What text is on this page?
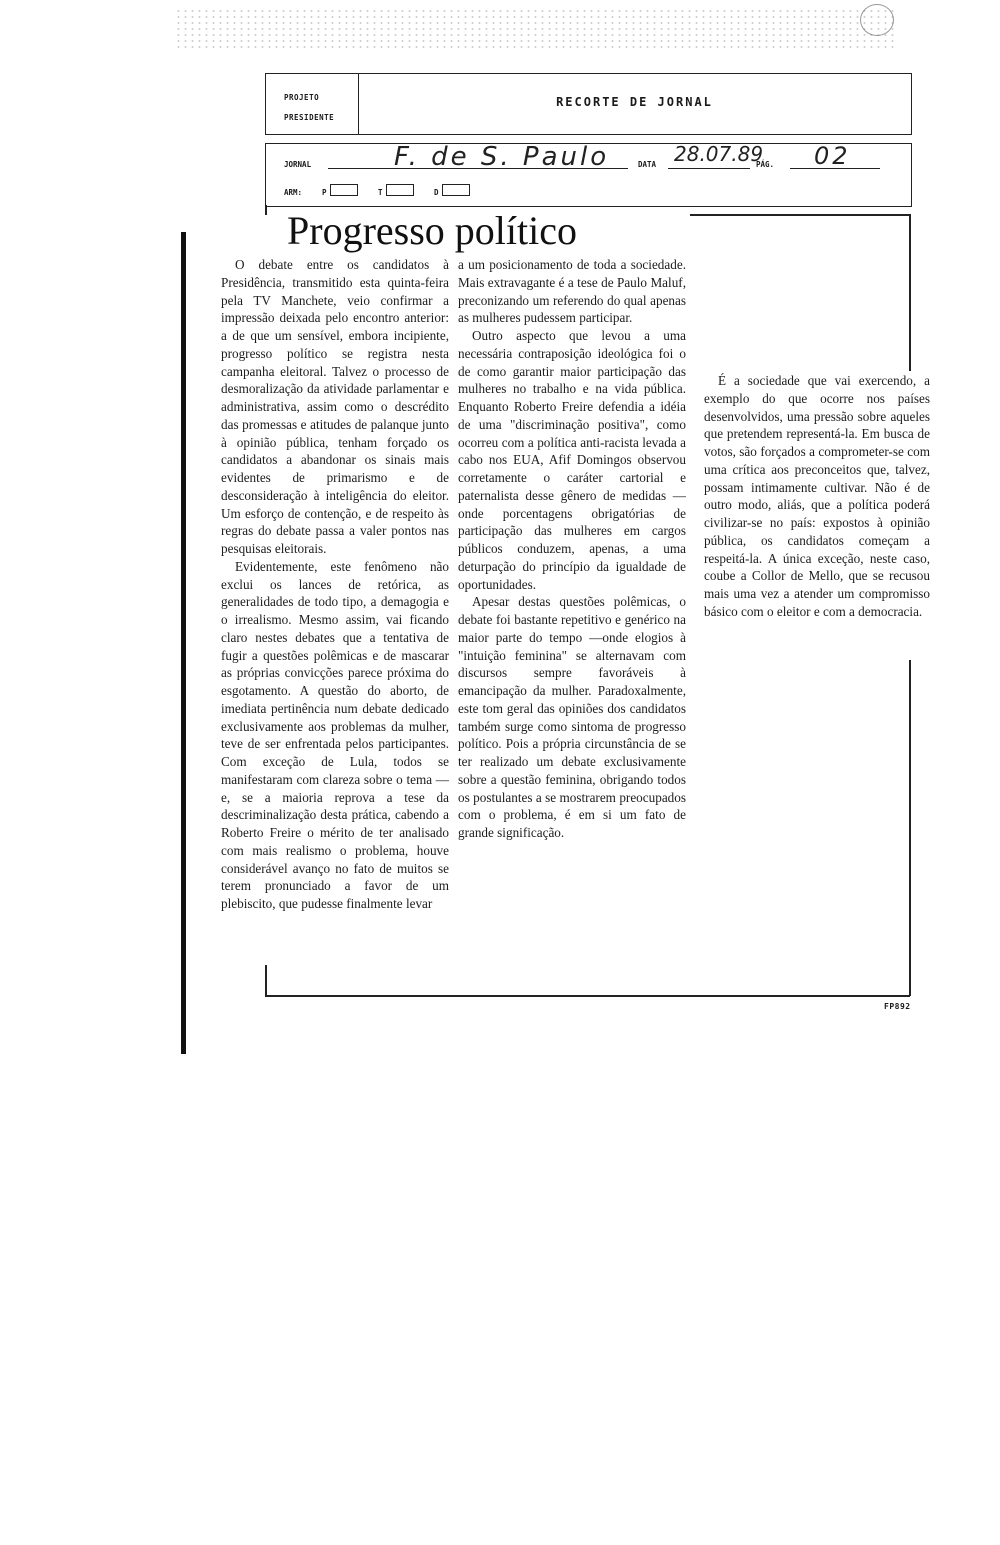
PROJETO
PRESIDENTE
RECORTE DE JORNAL
JORNAL	F. de S. Paulo	DATA 28.07.89
PÁG. 02
ARM:	P	T	D
Progresso político

O debate entre os candidatos à Presidência, transmitido esta quinta-feira pela TV Manchete, veio confirmar a impressão deixada pelo encontro anterior: a de que um sensível, embora incipiente, progresso político se registra nesta campanha eleitoral. Talvez o processo de desmoralização da atividade parlamentar e administrativa, assim como o descrédito das promessas e atitudes de palanque junto à opinião pública, tenham forçado os candidatos a abandonar os sinais mais evidentes de primarismo e de desconsideração à inteligência do eleitor. Um esforço de contenção, e de respeito às regras do debate passa a valer pontos nas pesquisas eleitorais.

Evidentemente, este fenômeno não exclui os lances de retórica, as generalidades de todo tipo, a demagogia e o irrealismo. Mesmo assim, vai ficando claro nestes debates que a tentativa de fugir a questões polêmicas e de mascarar as próprias convicções parece próxima do esgotamento. A questão do aborto, de imediata pertinência num debate dedicado exclusivamente aos problemas da mulher, teve de ser enfrentada pelos participantes. Com exceção de Lula, todos se manifestaram com clareza sobre o tema —e, se a maioria reprova a tese da descriminalização desta prática, cabendo a Roberto Freire o mérito de ter analisado com mais realismo o problema, houve considerável avanço no fato de muitos se terem pronunciado a favor de um plebiscito, que pudesse finalmente levar

a um posicionamento de toda a sociedade. Mais extravagante é a tese de Paulo Maluf, preconizando um referendo do qual apenas as mulheres pudessem participar.

Outro aspecto que levou a uma necessária contraposição ideológica foi o de como garantir maior participação das mulheres no trabalho e na vida pública. Enquanto Roberto Freire defendia a idéia de uma "discriminação positiva", como ocorreu com a política anti-racista levada a cabo nos EUA, Afif Domingos observou corretamente o caráter cartorial e paternalista desse gênero de medidas —onde porcentagens obrigatórias de participação das mulheres em cargos públicos conduzem, apenas, a uma deturpação do princípio da igualdade de oportunidades.

Apesar destas questões polêmicas, o debate foi bastante repetitivo e genérico na maior parte do tempo —onde elogios à "intuição feminina" se alternavam com discursos sempre favoráveis à emancipação da mulher. Paradoxalmente, este tom geral das opiniões dos candidatos também surge como sintoma de progresso político. Pois a própria circunstância de se ter realizado um debate exclusivamente sobre a questão feminina, obrigando todos os postulantes a se mostrarem preocupados com o problema, é em si um fato de grande significação.

É a sociedade que vai exercendo, a exemplo do que ocorre nos países desenvolvidos, uma pressão sobre aqueles que pretendem representá-la. Em busca de votos, são forçados a comprometer-se com uma crítica aos preconceitos que, talvez, possam intimamente cultivar. Não é de outro modo, aliás, que a política poderá civilizar-se no país: expostos à opinião pública, os candidatos começam a respeitá-la. A única exceção, neste caso, coube a Collor de Mello, que se recusou mais uma vez a atender um compromisso básico com o eleitor e com a democracia.

FP892
